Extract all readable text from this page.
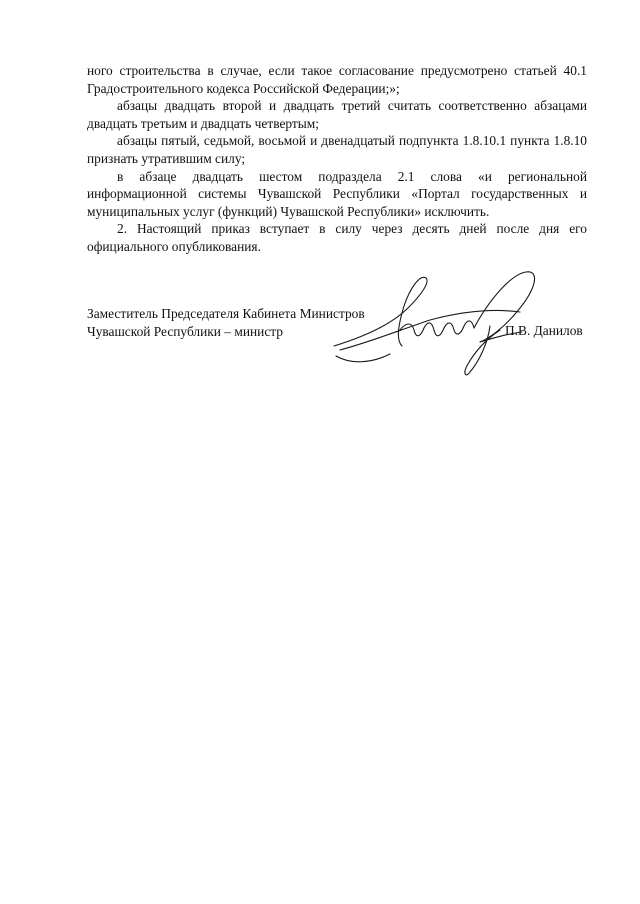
ного строительства в случае, если такое согласование предусмотрено статьей 40.1 Градостроительного кодекса Российской Федерации;»;

абзацы двадцать второй и двадцать третий считать соответственно абзацами двадцать третьим и двадцать четвертым;

абзацы пятый, седьмой, восьмой и двенадцатый подпункта 1.8.10.1 пункта 1.8.10 признать утратившим силу;

в абзаце двадцать шестом подраздела 2.1 слова «и региональной информационной системы Чувашской Республики «Портал государственных и муниципальных услуг (функций) Чувашской Республики» исключить.

2. Настоящий приказ вступает в силу через десять дней после дня его официального опубликования.

Заместитель Председателя Кабинета Министров
Чувашской Республики – министр	П.В. Данилов
